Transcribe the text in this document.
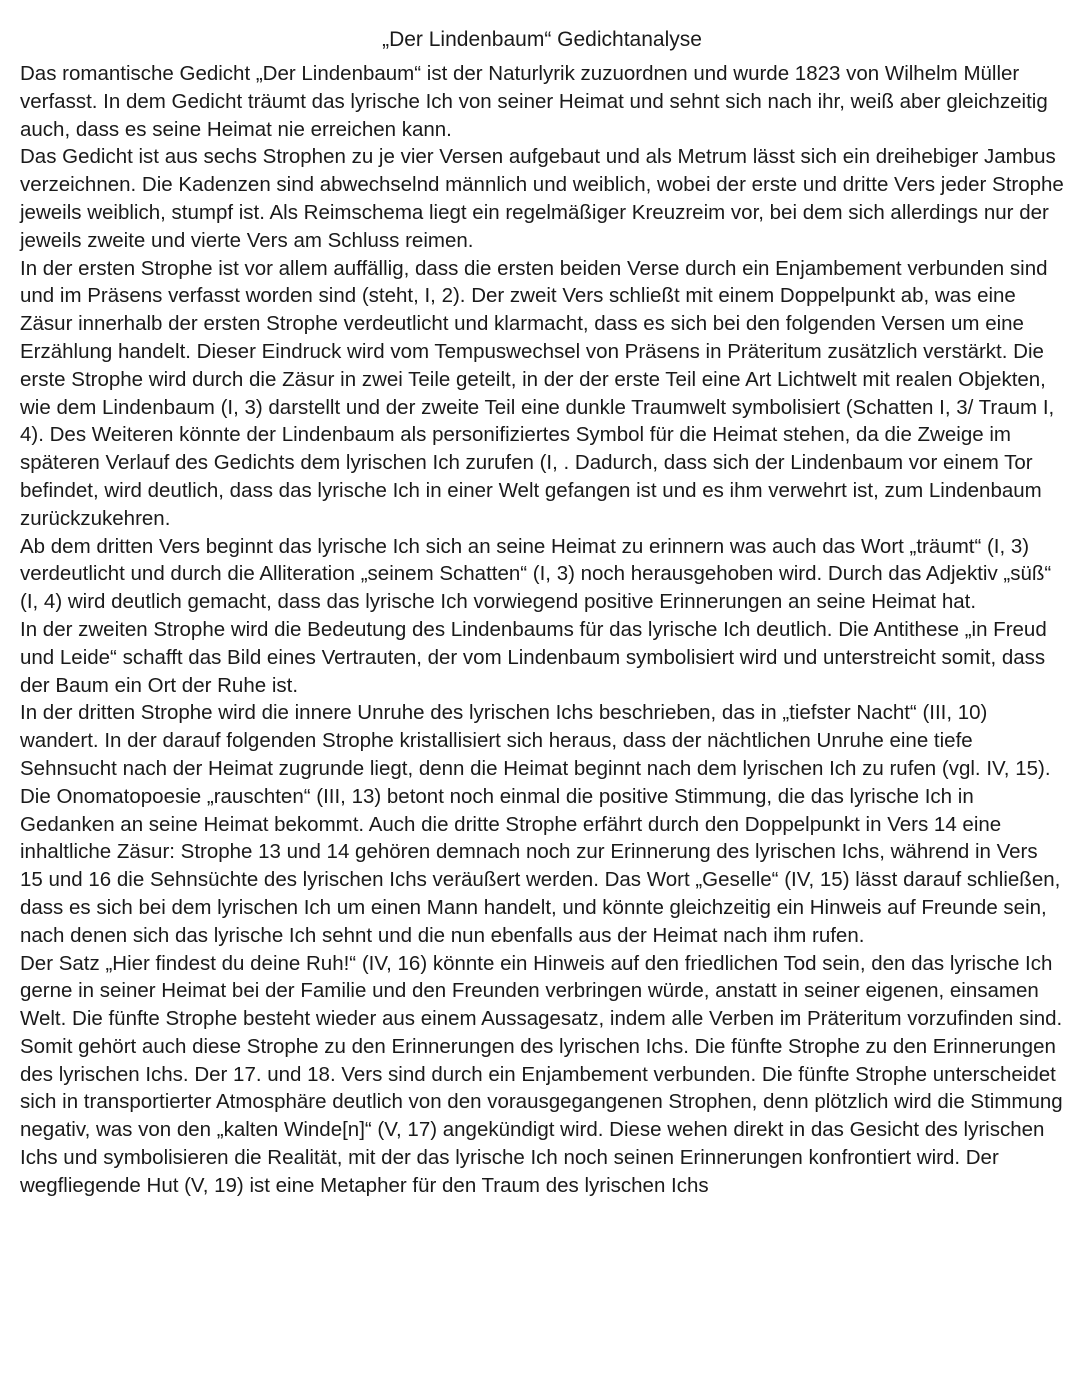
„Der Lindenbaum“ Gedichtanalyse

Das romantische Gedicht „Der Lindenbaum“ ist der Naturlyrik zuzuordnen und wurde 1823 von Wilhelm Müller verfasst. In dem Gedicht träumt das lyrische Ich von seiner Heimat und sehnt sich nach ihr, weiß aber gleichzeitig auch, dass es seine Heimat nie erreichen kann.

Das Gedicht ist aus sechs Strophen zu je vier Versen aufgebaut und als Metrum lässt sich ein dreihebiger Jambus verzeichnen. Die Kadenzen sind abwechselnd männlich und weiblich, wobei der erste und dritte Vers jeder Strophe jeweils weiblich, stumpf ist. Als Reimschema liegt ein regelmäßiger Kreuzreim vor, bei dem sich allerdings nur der jeweils zweite und vierte Vers am Schluss reimen.

In der ersten Strophe ist vor allem auffällig, dass die ersten beiden Verse durch ein Enjambement verbunden sind und im Präsens verfasst worden sind (steht, I, 2). Der zweit Vers schließt mit einem Doppelpunkt ab, was eine Zäsur innerhalb der ersten Strophe verdeutlicht und klarmacht, dass es sich bei den folgenden Versen um eine Erzählung handelt. Dieser Eindruck wird vom Tempuswechsel von Präsens in Präteritum zusätzlich verstärkt. Die erste Strophe wird durch die Zäsur in zwei Teile geteilt, in der der erste Teil eine Art Lichtwelt mit realen Objekten, wie dem Lindenbaum (I, 3) darstellt und der zweite Teil eine dunkle Traumwelt symbolisiert (Schatten I, 3/ Traum I, 4). Des Weiteren könnte der Lindenbaum als personifiziertes Symbol für die Heimat stehen, da die Zweige im späteren Verlauf des Gedichts dem lyrischen Ich zurufen (I, . Dadurch, dass sich der Lindenbaum vor einem Tor befindet, wird deutlich, dass das lyrische Ich in einer Welt gefangen ist und es ihm verwehrt ist, zum Lindenbaum zurückzukehren.

Ab dem dritten Vers beginnt das lyrische Ich sich an seine Heimat zu erinnern was auch das Wort „träumt“ (I, 3) verdeutlicht und durch die Alliteration „seinem Schatten“ (I, 3) noch herausgehoben wird. Durch das Adjektiv „süß“ (I, 4) wird deutlich gemacht, dass das lyrische Ich vorwiegend positive Erinnerungen an seine Heimat hat.

In der zweiten Strophe wird die Bedeutung des Lindenbaums für das lyrische Ich deutlich. Die Antithese „in Freud und Leide“ schafft das Bild eines Vertrauten, der vom Lindenbaum symbolisiert wird und unterstreicht somit, dass der Baum ein Ort der Ruhe ist.

In der dritten Strophe wird die innere Unruhe des lyrischen Ichs beschrieben, das in „tiefster Nacht“ (III, 10) wandert. In der darauf folgenden Strophe kristallisiert sich heraus, dass der nächtlichen Unruhe eine tiefe Sehnsucht nach der Heimat zugrunde liegt, denn die Heimat beginnt nach dem lyrischen Ich zu rufen (vgl. IV, 15). Die Onomatopoesie „rauschten“ (III, 13) betont noch einmal die positive Stimmung, die das lyrische Ich in Gedanken an seine Heimat bekommt. Auch die dritte Strophe erfährt durch den Doppelpunkt in Vers 14 eine inhaltliche Zäsur: Strophe 13 und 14 gehören demnach noch zur Erinnerung des lyrischen Ichs, während in Vers 15 und 16 die Sehnsüchte des lyrischen Ichs veräußert werden. Das Wort „Geselle“ (IV, 15) lässt darauf schließen, dass es sich bei dem lyrischen Ich um einen Mann handelt, und könnte gleichzeitig ein Hinweis auf Freunde sein, nach denen sich das lyrische Ich sehnt und die nun ebenfalls aus der Heimat nach ihm rufen.

Der Satz „Hier findest du deine Ruh!“ (IV, 16) könnte ein Hinweis auf den friedlichen Tod sein, den das lyrische Ich gerne in seiner Heimat bei der Familie und den Freunden verbringen würde, anstatt in seiner eigenen, einsamen Welt. Die fünfte Strophe besteht wieder aus einem Aussagesatz, indem alle Verben im Präteritum vorzufinden sind. Somit gehört auch diese Strophe zu den Erinnerungen des lyrischen Ichs. Die fünfte Strophe zu den Erinnerungen des lyrischen Ichs. Der 17. und 18. Vers sind durch ein Enjambement verbunden. Die fünfte Strophe unterscheidet sich in transportierter Atmosphäre deutlich von den vorausgegangenen Strophen, denn plötzlich wird die Stimmung negativ, was von den „kalten Winde[n]“ (V, 17) angekündigt wird. Diese wehen direkt in das Gesicht des lyrischen Ichs und symbolisieren die Realität, mit der das lyrische Ich noch seinen Erinnerungen konfrontiert wird. Der wegfliegende Hut (V, 19) ist eine Metapher für den Traum des lyrischen Ichs
